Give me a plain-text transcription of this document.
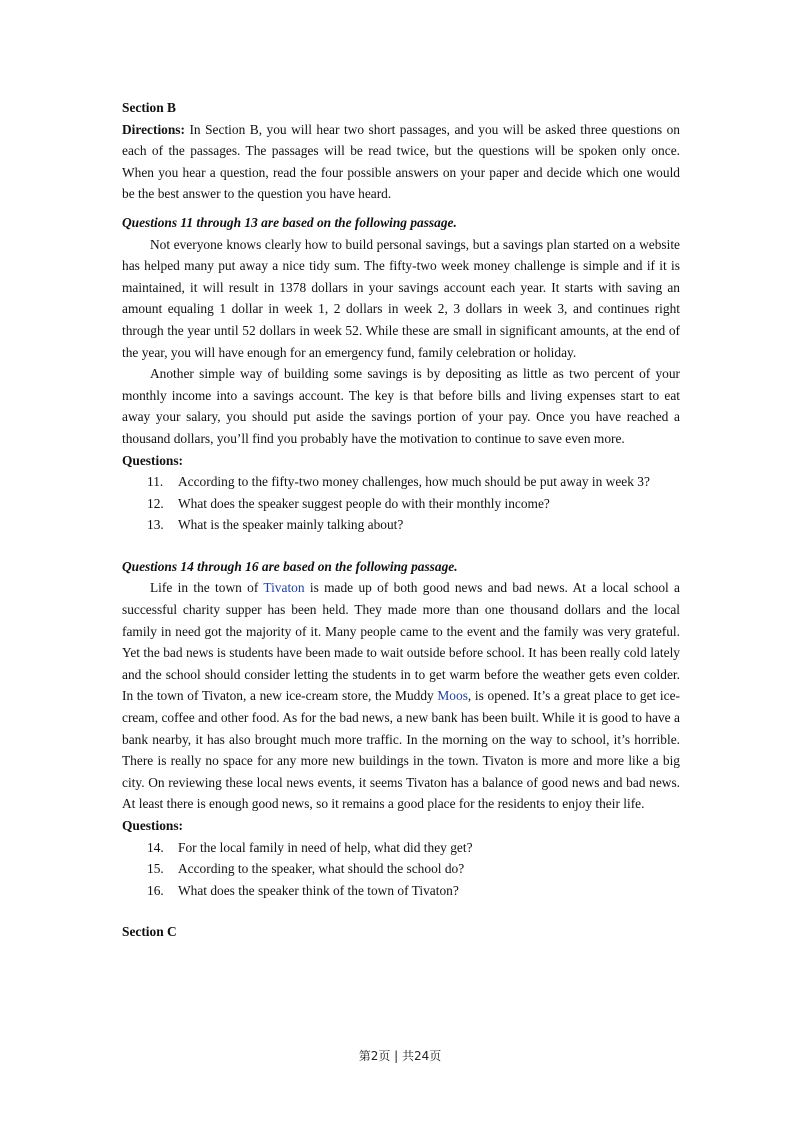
Section B

Directions: In Section B, you will hear two short passages, and you will be asked three questions on each of the passages. The passages will be read twice, but the questions will be spoken only once. When you hear a question, read the four possible answers on your paper and decide which one would be the best answer to the question you have heard.

Questions 11 through 13 are based on the following passage.

Not everyone knows clearly how to build personal savings, but a savings plan started on a website has helped many put away a nice tidy sum. The fifty-two week money challenge is simple and if it is maintained, it will result in 1378 dollars in your savings account each year. It starts with saving an amount equaling 1 dollar in week 1, 2 dollars in week 2, 3 dollars in week 3, and continues right through the year until 52 dollars in week 52. While these are small in significant amounts, at the end of the year, you will have enough for an emergency fund, family celebration or holiday.

Another simple way of building some savings is by depositing as little as two percent of your monthly income into a savings account. The key is that before bills and living expenses start to eat away your salary, you should put aside the savings portion of your pay. Once you have reached a thousand dollars, you’ll find you probably have the motivation to continue to save even more.

Questions:

11.	According to the fifty-two money challenges, how much should be put away in week 3?
12.	What does the speaker suggest people do with their monthly income?
13.	What is the speaker mainly talking about?

Questions 14 through 16 are based on the following passage.

Life in the town of Tivaton is made up of both good news and bad news. At a local school a successful charity supper has been held. They made more than one thousand dollars and the local family in need got the majority of it. Many people came to the event and the family was very grateful. Yet the bad news is students have been made to wait outside before school. It has been really cold lately and the school should consider letting the students in to get warm before the weather gets even colder. In the town of Tivaton, a new ice-cream store, the Muddy Moos, is opened. It’s a great place to get ice-cream, coffee and other food. As for the bad news, a new bank has been built. While it is good to have a bank nearby, it has also brought much more traffic. In the morning on the way to school, it’s horrible. There is really no space for any more new buildings in the town. Tivaton is more and more like a big city. On reviewing these local news events, it seems Tivaton has a balance of good news and bad news. At least there is enough good news, so it remains a good place for the residents to enjoy their life.

Questions:

14.	For the local family in need of help, what did they get?
15.	According to the speaker, what should the school do?
16.	What does the speaker think of the town of Tivaton?

Section C

第2页 | 共24页
